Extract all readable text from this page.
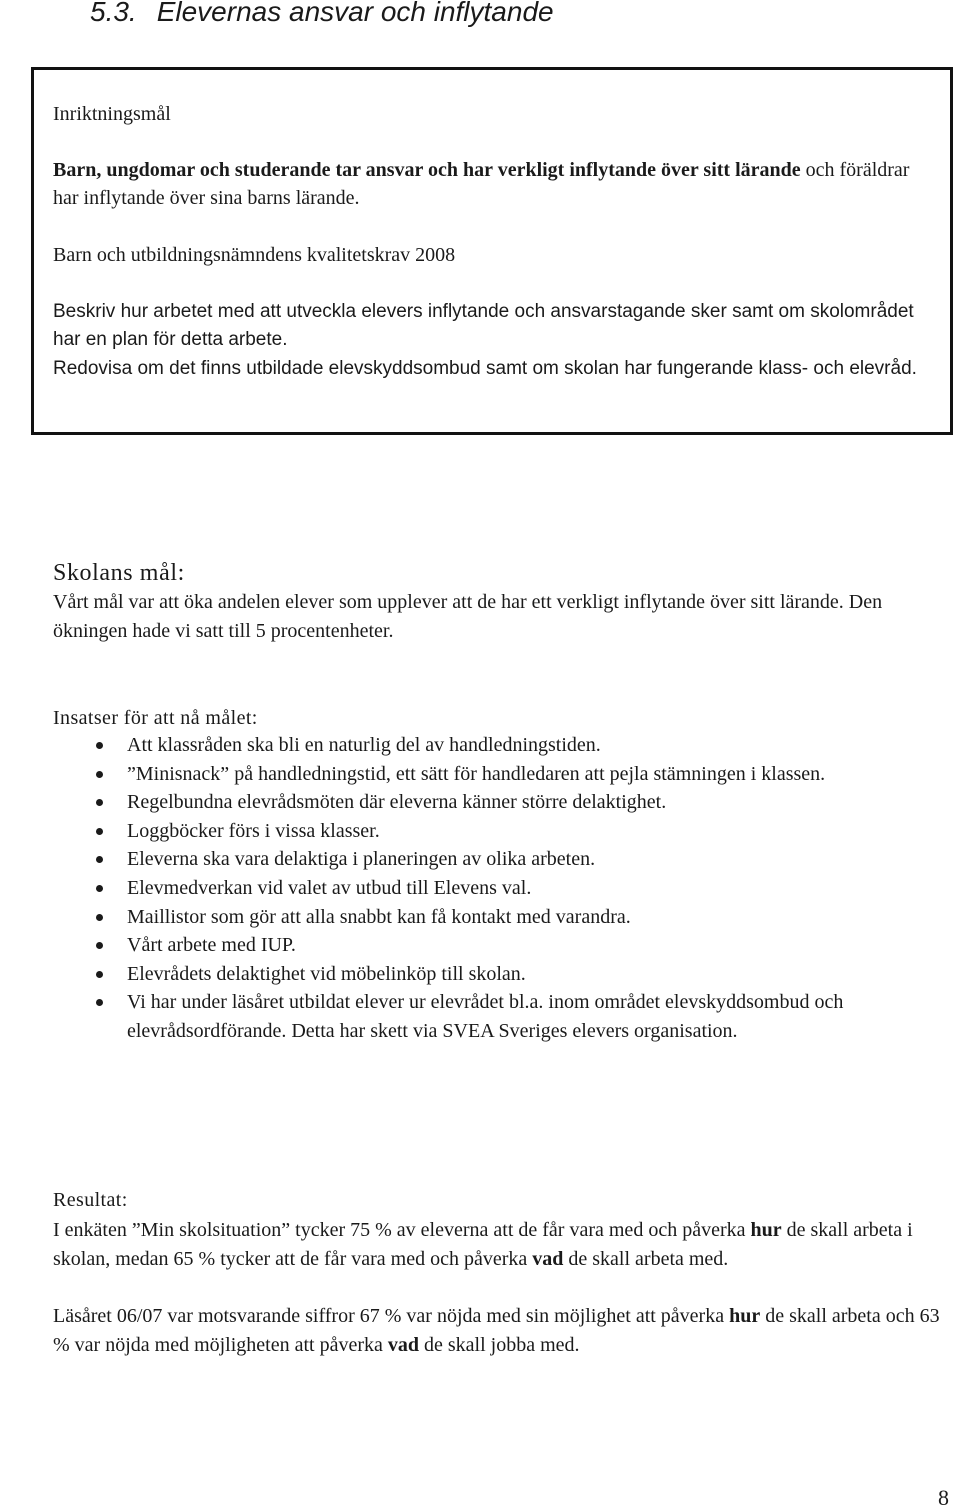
5.3. Elevernas ansvar och inflytande

Inriktningsmål

Barn, ungdomar och studerande tar ansvar och har verkligt inflytande över sitt lärande och föräldrar har inflytande över sina barns lärande.

Barn och utbildningsnämndens kvalitetskrav 2008

Beskriv hur arbetet med att utveckla elevers inflytande och ansvarstagande sker samt om skolområdet har en plan för detta arbete.

Redovisa om det finns utbildade elevskyddsombud samt om skolan har fungerande klass- och elevråd.

Skolans mål:

Vårt mål var att öka andelen elever som upplever att de har ett verkligt inflytande över sitt lärande. Den ökningen hade vi satt till 5 procentenheter.

Insatser för att nå målet:
Att klassråden ska bli en naturlig del av handledningstiden.
”Minisnack” på handledningstid, ett sätt för handledaren att pejla stämningen i klassen.
Regelbundna elevrådsmöten där eleverna känner större delaktighet.
Loggböcker förs i vissa klasser.
Eleverna ska vara delaktiga i planeringen av olika arbeten.
Elevmedverkan vid valet av utbud till Elevens val.
Maillistor som gör att alla snabbt kan få kontakt med varandra.
Vårt arbete med IUP.
Elevrådets delaktighet vid möbelinköp till skolan.
Vi har under läsåret utbildat elever ur elevrådet bl.a. inom området elevskyddsombud och elevrådsordförande. Detta har skett via SVEA Sveriges elevers organisation.
Resultat:

I enkäten ”Min skolsituation” tycker 75 % av eleverna att de får vara med och påverka hur de skall arbeta i skolan, medan 65 % tycker att de får vara med och påverka vad de skall arbeta med.

Läsåret 06/07 var motsvarande siffror 67 % var nöjda med sin möjlighet att påverka hur de skall arbeta och 63 % var nöjda med möjligheten att påverka vad de skall jobba med.

8
